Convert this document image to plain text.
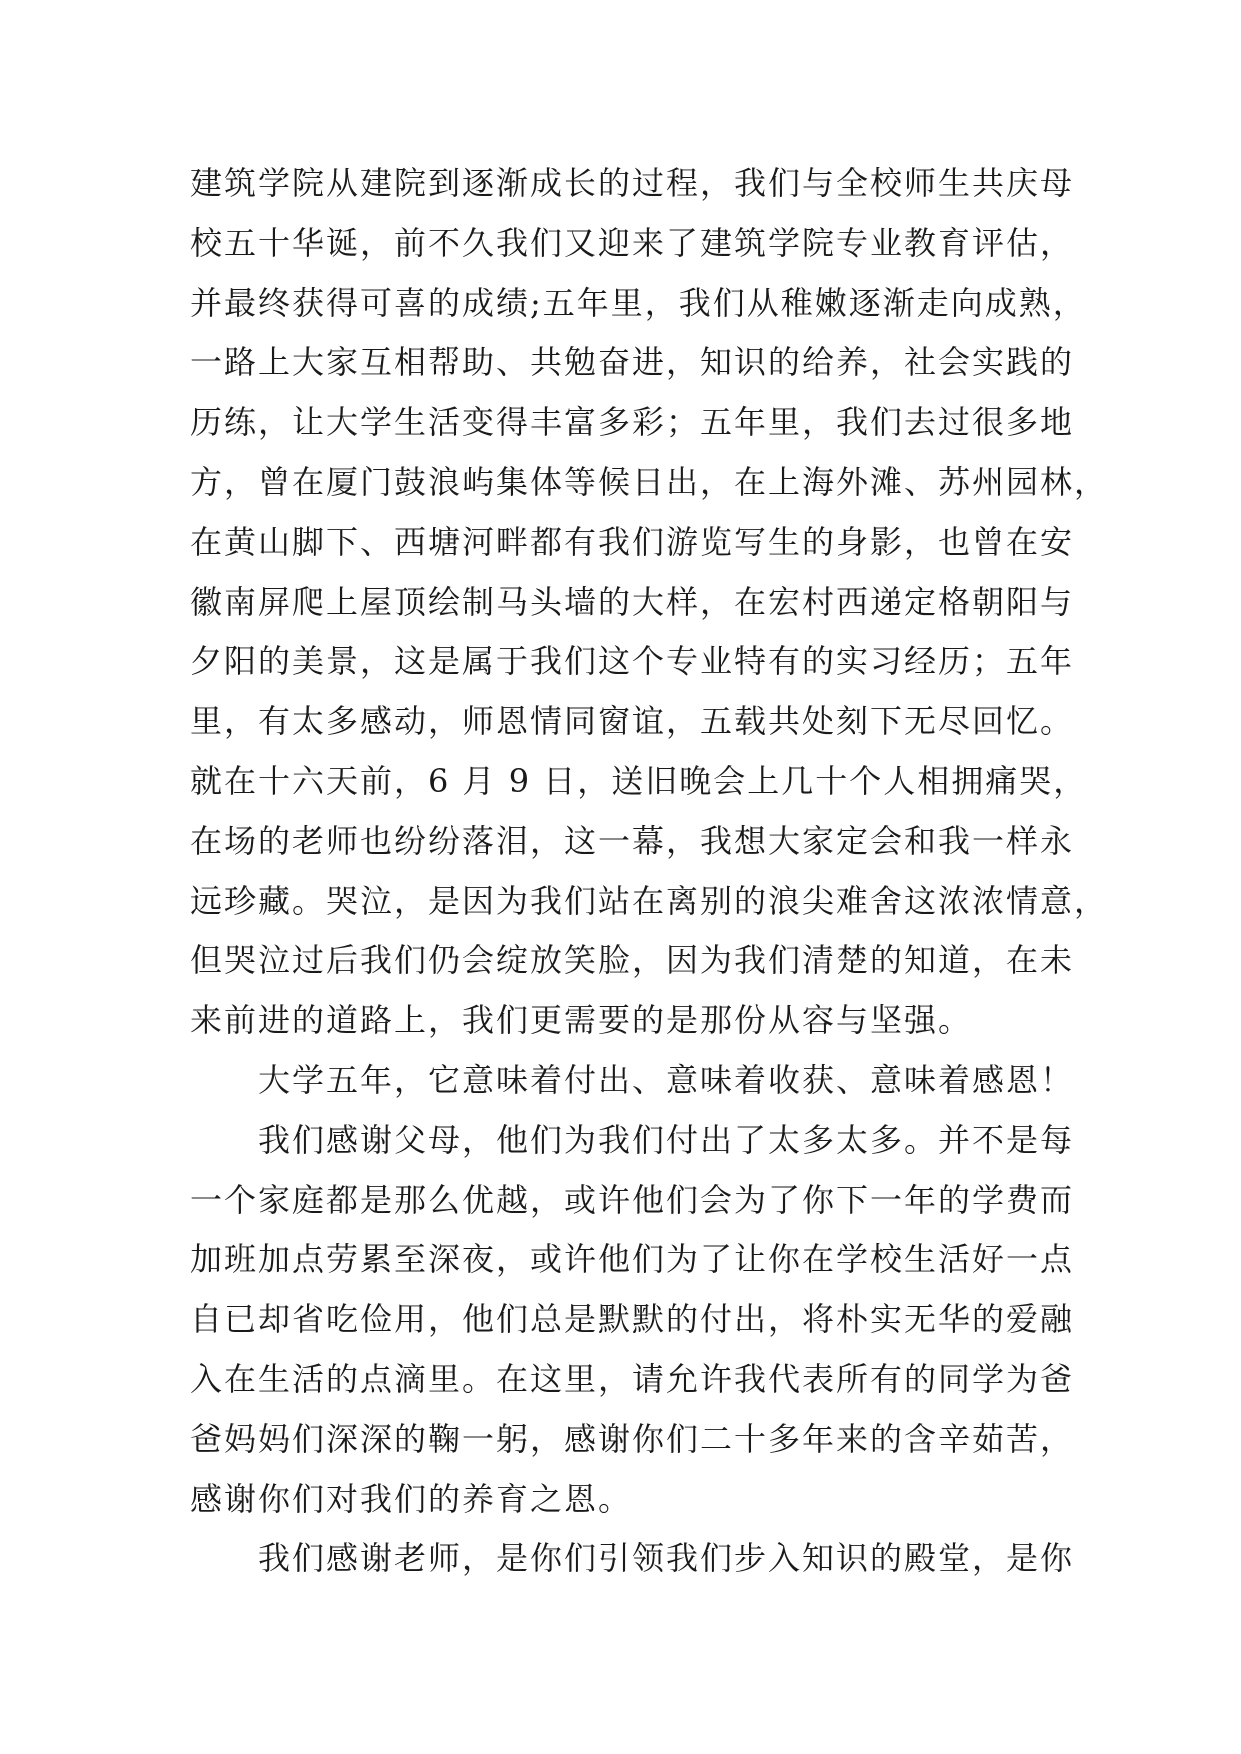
建筑学院从建院到逐渐成长的过程，我们与全校师生共庆母
校五十华诞，前不久我们又迎来了建筑学院专业教育评估，
并最终获得可喜的成绩;五年里，我们从稚嫩逐渐走向成熟，
一路上大家互相帮助、共勉奋进，知识的给养，社会实践的
历练，让大学生活变得丰富多彩；五年里，我们去过很多地
方，曾在厦门鼓浪屿集体等候日出，在上海外滩、苏州园林，
在黄山脚下、西塘河畔都有我们游览写生的身影，也曾在安
徽南屏爬上屋顶绘制马头墙的大样，在宏村西递定格朝阳与
夕阳的美景，这是属于我们这个专业特有的实习经历；五年
里，有太多感动，师恩情同窗谊，五载共处刻下无尽回忆。
就在十六天前，6 月 9 日，送旧晚会上几十个人相拥痛哭，
在场的老师也纷纷落泪，这一幕，我想大家定会和我一样永
远珍藏。哭泣，是因为我们站在离别的浪尖难舍这浓浓情意，
但哭泣过后我们仍会绽放笑脸，因为我们清楚的知道，在未
来前进的道路上，我们更需要的是那份从容与坚强。
大学五年，它意味着付出、意味着收获、意味着感恩！
我们感谢父母，他们为我们付出了太多太多。并不是每
一个家庭都是那么优越，或许他们会为了你下一年的学费而
加班加点劳累至深夜，或许他们为了让你在学校生活好一点
自已却省吃俭用，他们总是默默的付出，将朴实无华的爱融
入在生活的点滴里。在这里，请允许我代表所有的同学为爸
爸妈妈们深深的鞠一躬，感谢你们二十多年来的含辛茹苦，
感谢你们对我们的养育之恩。
我们感谢老师，是你们引领我们步入知识的殿堂，是你
